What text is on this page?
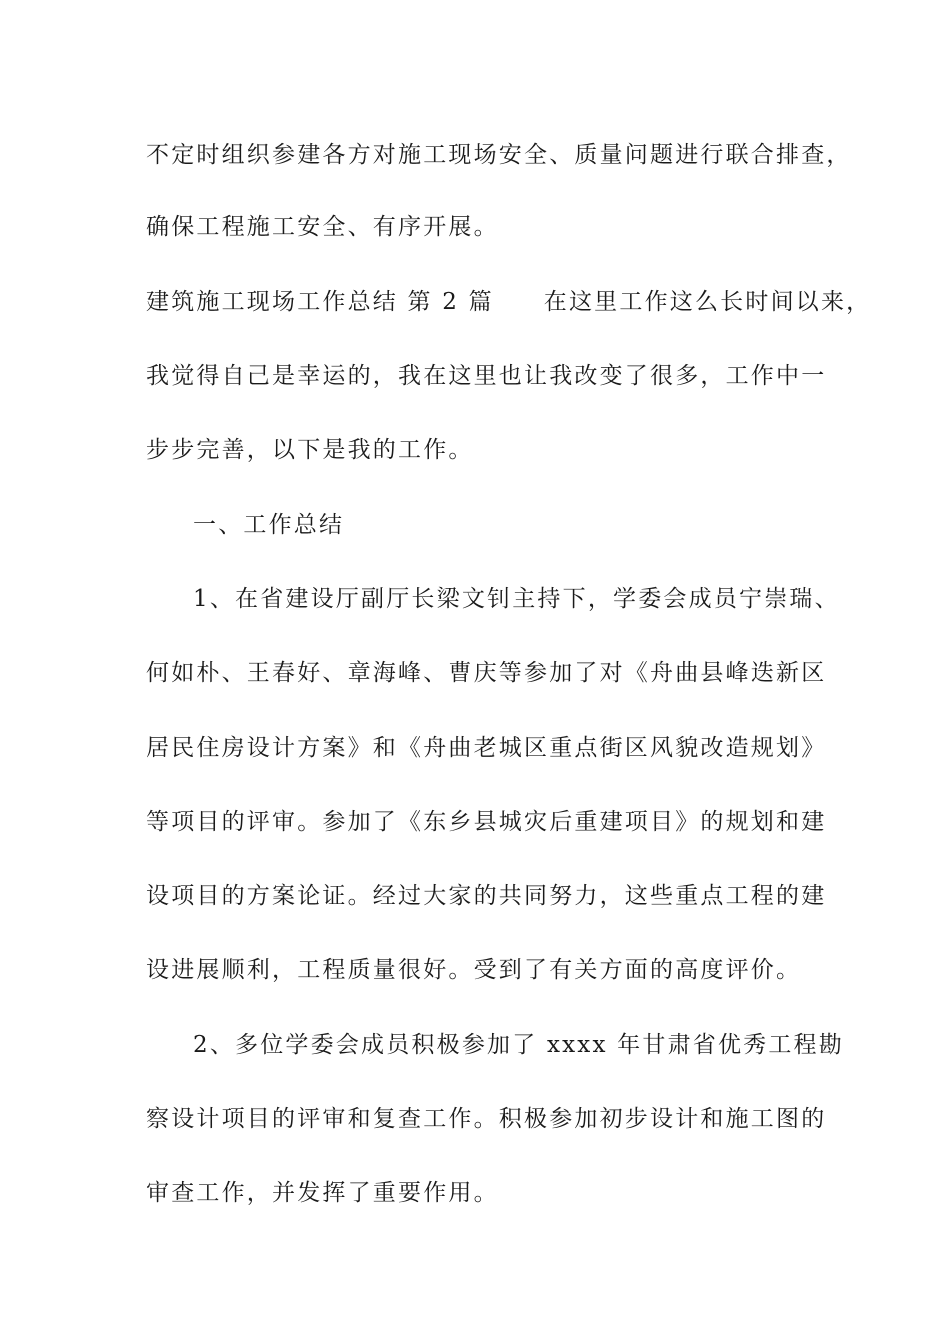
不定时组织参建各方对施工现场安全、质量问题进行联合排查，
确保工程施工安全、有序开展。
建筑施工现场工作总结 第 2 篇 在这里工作这么长时间以来，
我觉得自己是幸运的，我在这里也让我改变了很多，工作中一
步步完善，以下是我的工作。
一、工作总结
1、在省建设厅副厅长梁文钊主持下，学委会成员宁崇瑞、
何如朴、王春好、章海峰、曹庆等参加了对《舟曲县峰迭新区
居民住房设计方案》和《舟曲老城区重点街区风貌改造规划》
等项目的评审。参加了《东乡县城灾后重建项目》的规划和建
设项目的方案论证。经过大家的共同努力，这些重点工程的建
设进展顺利，工程质量很好。受到了有关方面的高度评价。
2、多位学委会成员积极参加了 xxxx 年甘肃省优秀工程勘
察设计项目的评审和复查工作。积极参加初步设计和施工图的
审查工作，并发挥了重要作用。
